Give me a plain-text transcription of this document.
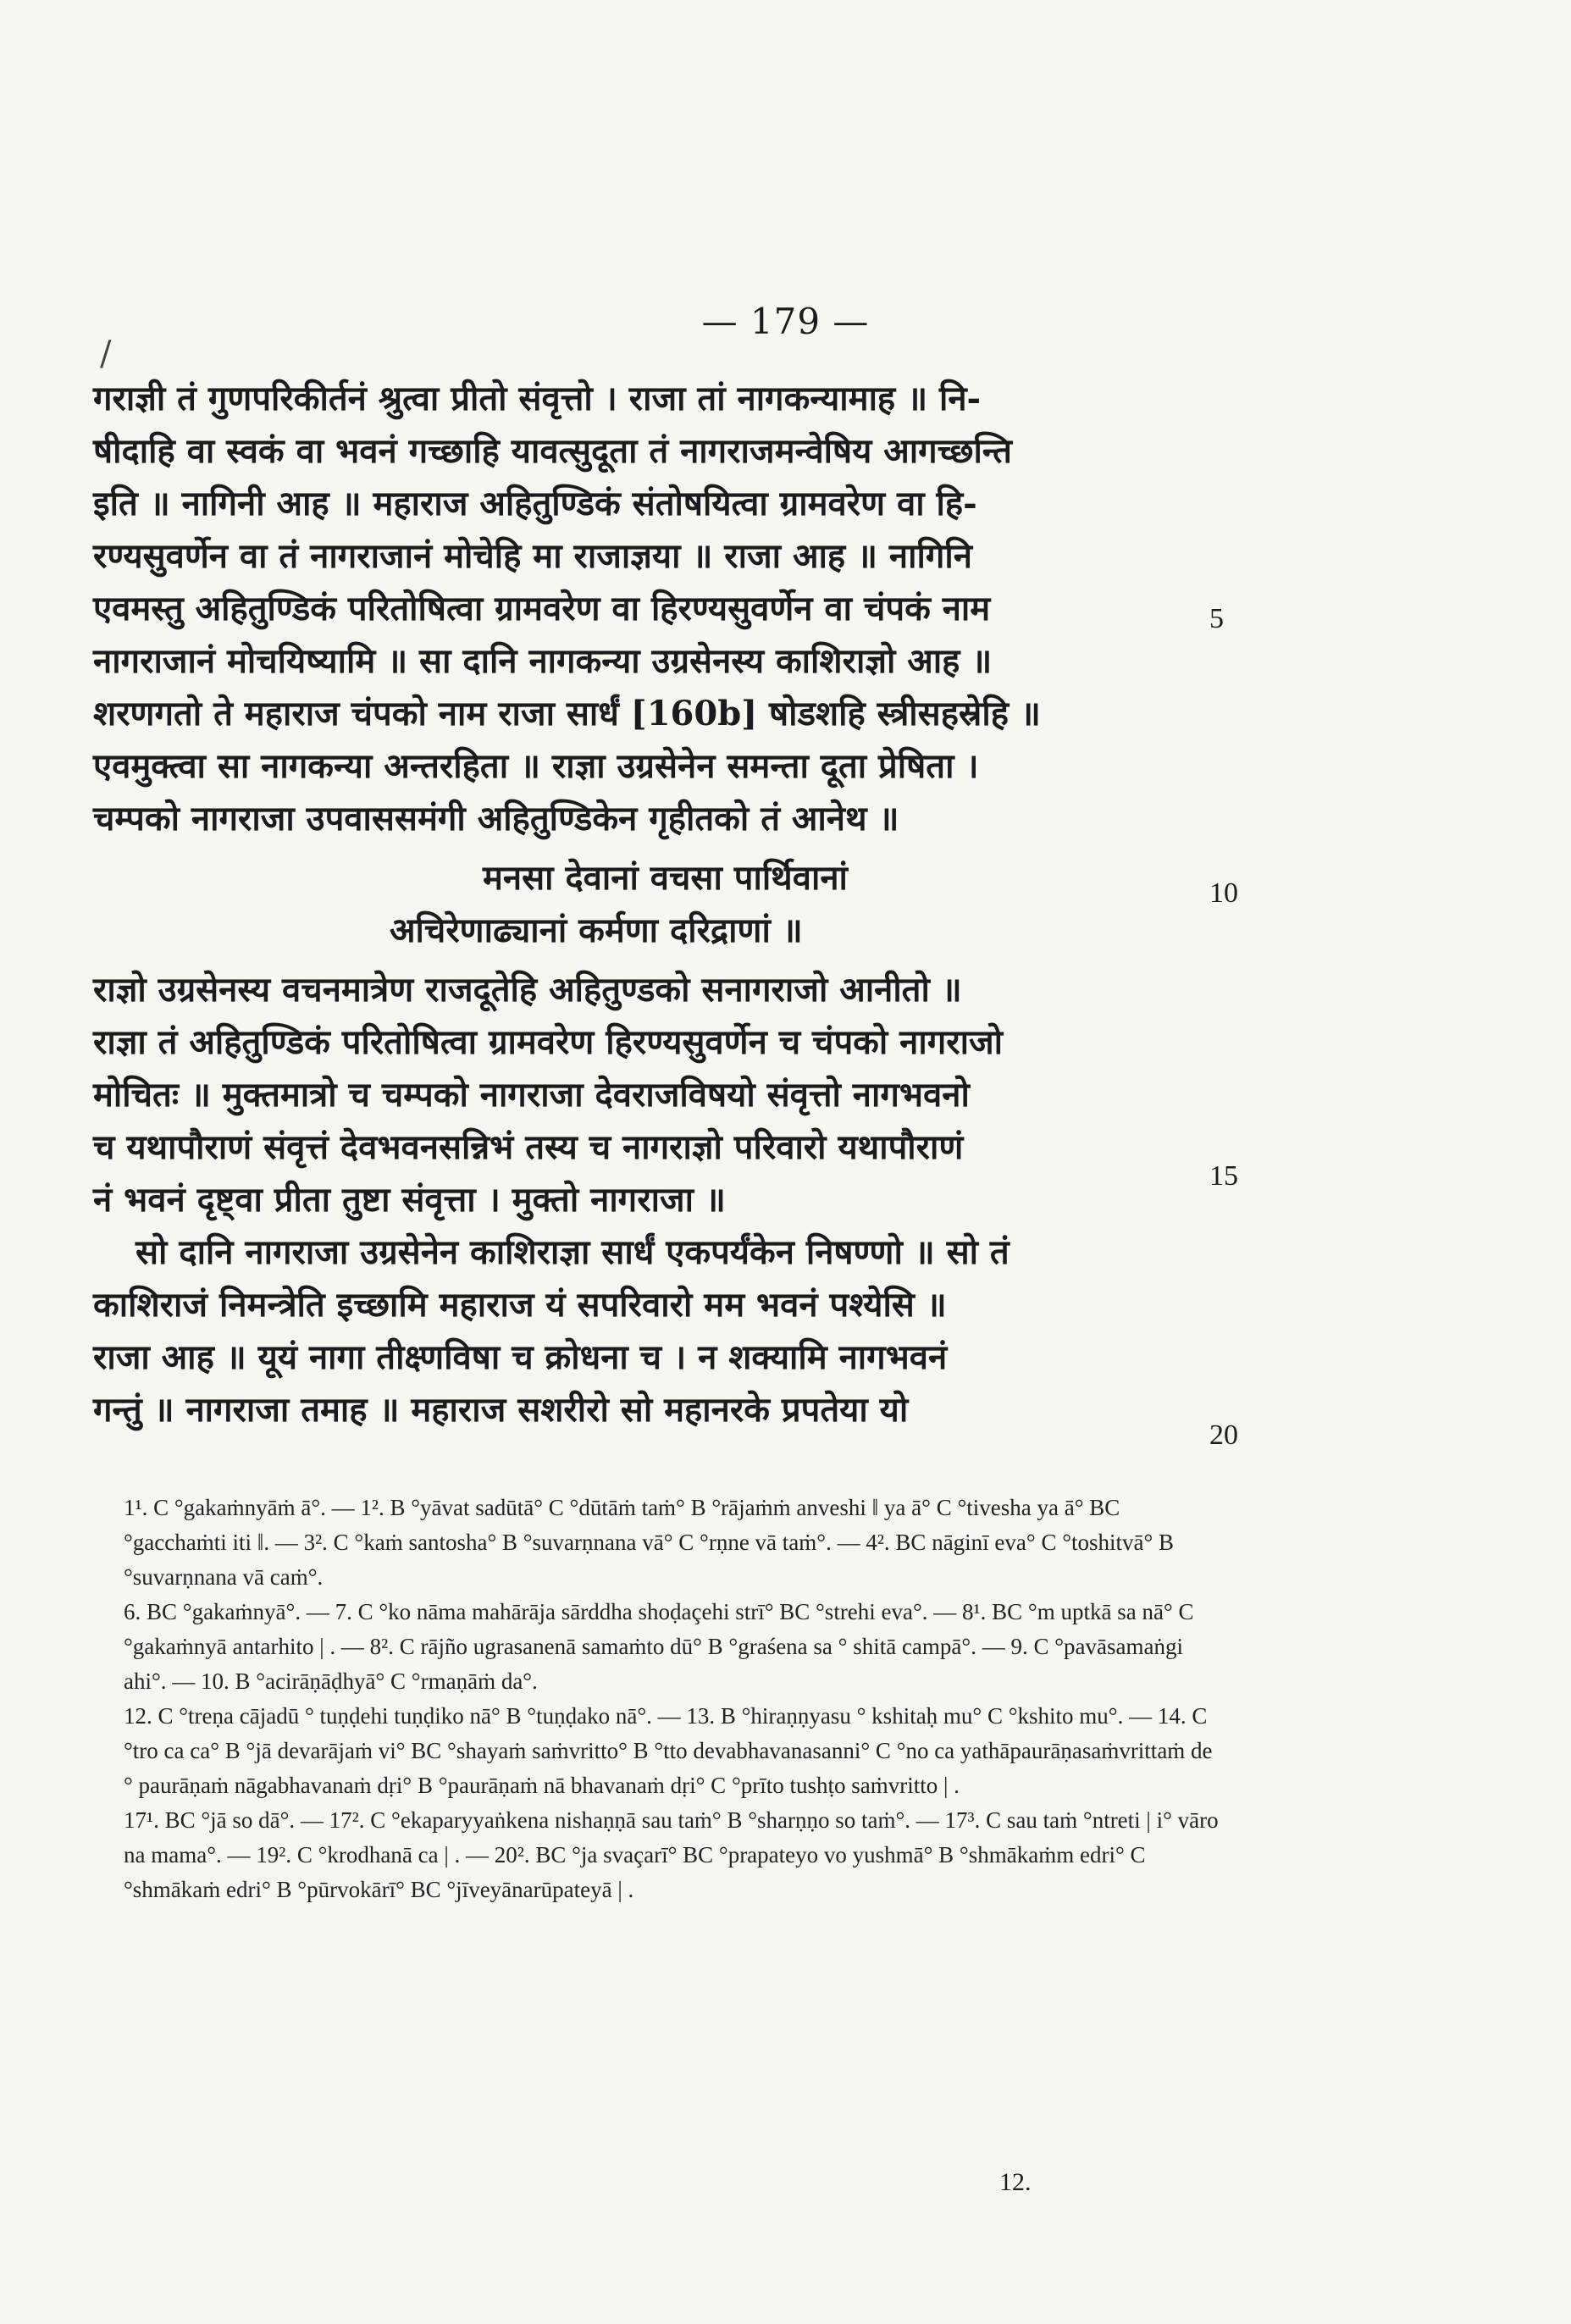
— 179 —
/
गराज्ञी तं गुणपरिकीर्तनं श्रुत्वा प्रीतो संवृत्तो । राजा तां नागकन्यामाह ॥ नि-
षीदाहि वा स्वकं वा भवनं गच्छाहि यावत्सुदूता तं नागराजमन्वेषिय आगच्छन्ति
इति ॥ नागिनी आह ॥ महाराज अहितुण्डिकं संतोषयित्वा ग्रामवरेण वा हि-
रण्यसुवर्णेन वा तं नागराजानं मोचेहि मा राजाज्ञया ॥ राजा आह ॥ नागिनि
एवमस्तु अहितुण्डिकं परितोषित्वा ग्रामवरेण वा हिरण्यसुवर्णेन वा चंपकं नाम
नागराजानं मोचयिष्यामि ॥ सा दानि नागकन्या उग्रसेनस्य काशिराज्ञो आह ॥
शरणगतो ते महाराज चंपको नाम राजा सार्धं [160b] षोडशहि स्त्रीसहस्रेहि ॥
एवमुक्त्वा सा नागकन्या अन्तरहिता ॥ राज्ञा उग्रसेनेन समन्ता दूता प्रेषिता ।
चम्पको नागराजा उपवाससमंगी अहितुण्डिकेन गृहीतको तं आनेथ ॥
मनसा देवानां वचसा पार्थिवानां
अचिरेणाढ्यानां कर्मणा दरिद्राणां ॥
राज्ञो उग्रसेनस्य वचनमात्रेण राजदूतेहि अहितुण्डको सनागराजो आनीतो ॥
राज्ञा तं अहितुण्डिकं परितोषित्वा ग्रामवरेण हिरण्यसुवर्णेन च चंपको नागराजो
मोचितः ॥ मुक्तमात्रो च चम्पको नागराजा देवराजविषयो संवृत्तो नागभवनो
च यथापौराणं संवृत्तं देवभवनसन्निभं तस्य च नागराज्ञो परिवारो यथापौराणं
नं भवनं दृष्ट्वा प्रीता तुष्टा संवृत्ता । मुक्तो नागराजा ॥
सो दानि नागराजा उग्रसेनेन काशिराज्ञा सार्धं एकपर्यंकेन निषण्णो ॥ सो तं
काशिराजं निमन्त्रेति इच्छामि महाराज यं सपरिवारो मम भवनं पश्येसि ॥
राजा आह ॥ यूयं नागा तीक्ष्णविषा च क्रोधना च । न शक्यामि नागभवनं
गन्तुं ॥ नागराजा तमाह ॥ महाराज सशरीरो सो महानरके प्रपतेया यो
5
10
15
20

1¹. C °gakaṁnyāṁ ā°. — 1². B °yāvat sadūtā° C °dūtāṁ taṁ° B °rājaṁṁ anveshi ‖ ya ā° C °tivesha ya ā° BC °gacchaṁti iti ‖. — 3². C °kaṁ santosha° B °suvarṇnana vā° C °rṇne vā taṁ°. — 4². BC nāginī eva° C °toshitvā° B °suvarṇnana vā caṁ°.

6. BC °gakaṁnyā°. — 7. C °ko nāma mahārāja sārddha shoḍaçehi strī° BC °strehi eva°. — 8¹. BC °m uptkā sa nā° C °gakaṁnyā antarhito | . — 8². C rājño ugrasanenā samaṁto dū° B °graśena sa ° shitā campā°. — 9. C °pavāsamaṅgi ahi°. — 10. B °acirāṇāḍhyā° C °rmaṇāṁ da°.

12. C °treṇa cājadū ° tuṇḍehi tuṇḍiko nā° B °tuṇḍako nā°. — 13. B °hiraṇṇyasu ° kshitaḥ mu° C °kshito mu°. — 14. C °tro ca ca° B °jā devarājaṁ vi° BC °shayaṁ saṁvritto° B °tto devabhavanasanni° C °no ca yathāpaurāṇasaṁvrittaṁ de ° paurāṇaṁ nāgabhavanaṁ dṛi° B °paurāṇaṁ nā bhavanaṁ dṛi° C °prīto tushṭo saṁvritto | .

17¹. BC °jā so dā°. — 17². C °ekaparyyaṅkena nishaṇṇā sau taṁ° B °sharṇṇo so taṁ°. — 17³. C sau taṁ °ntreti | i° vāro na mama°. — 19². C °krodhanā ca | . — 20². BC °ja svaçarī° BC °prapateyo vo yushmā° B °shmākaṁm edri° C °shmākaṁ edri° B °pūrvokārī° BC °jīveyānarūpateyā | .

12.
